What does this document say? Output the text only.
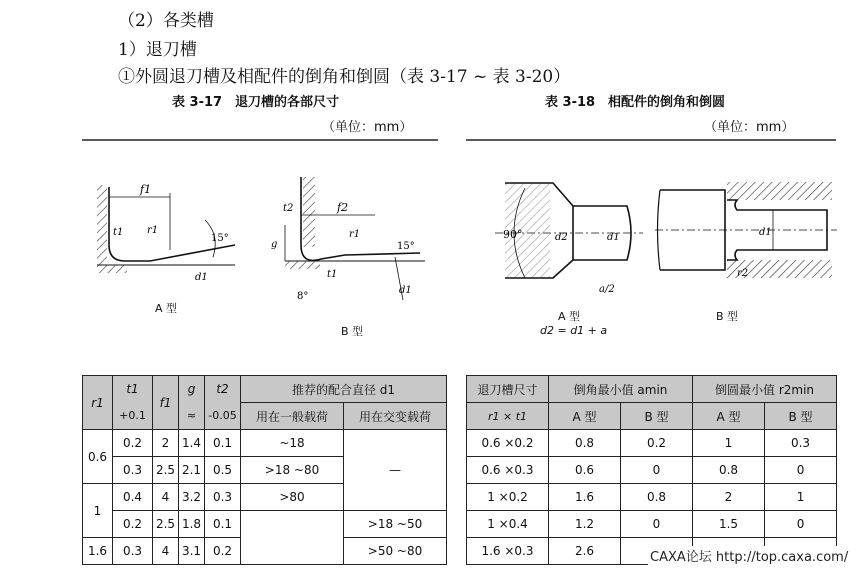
（2）各类槽
1）退刀槽
①外圆退刀槽及相配件的倒角和倒圆（表 3-17 ~ 表 3-20）
表 3-17　退刀槽的各部尺寸
（单位：mm）
表 3-18　相配件的倒角和倒圆
（单位：mm）
f1
r1
t1
d1
15°
A 型
t2	f2
g
r1
t1
d1
8°
15°
B 型
90°	d2	d1
a/2
A 型
d2 = d1 + a
d1
r2
B 型
r1	t1	f1	g	t2	推荐的配合直径 d1	
	+0.1		≈	-0.05	用在一般载荷	用在交变载荷
0.6	0.2	2	1.4	0.1	~18	—
	0.3	2.5	2.1	0.5	>18 ~80	
1	0.4	4	3.2	0.3	>80	
	0.2	2.5	1.8	0.1		>18 ~50
1.6	0.3	4	3.1	0.2		>50 ~80
退刀槽尺寸	倒角最小值 amin		倒圆最小值 r2min	
r1 × t1	A 型	B 型	A 型	B 型
0.6 ×0.2	0.8	0.2	1	0.3
0.6 ×0.3	0.6	0	0.8	0
1 ×0.2	1.6	0.8	2	1
1 ×0.4	1.2	0	1.5	0
1.6 ×0.3	2.6				CAXA论坛 http://top.caxa.com/
